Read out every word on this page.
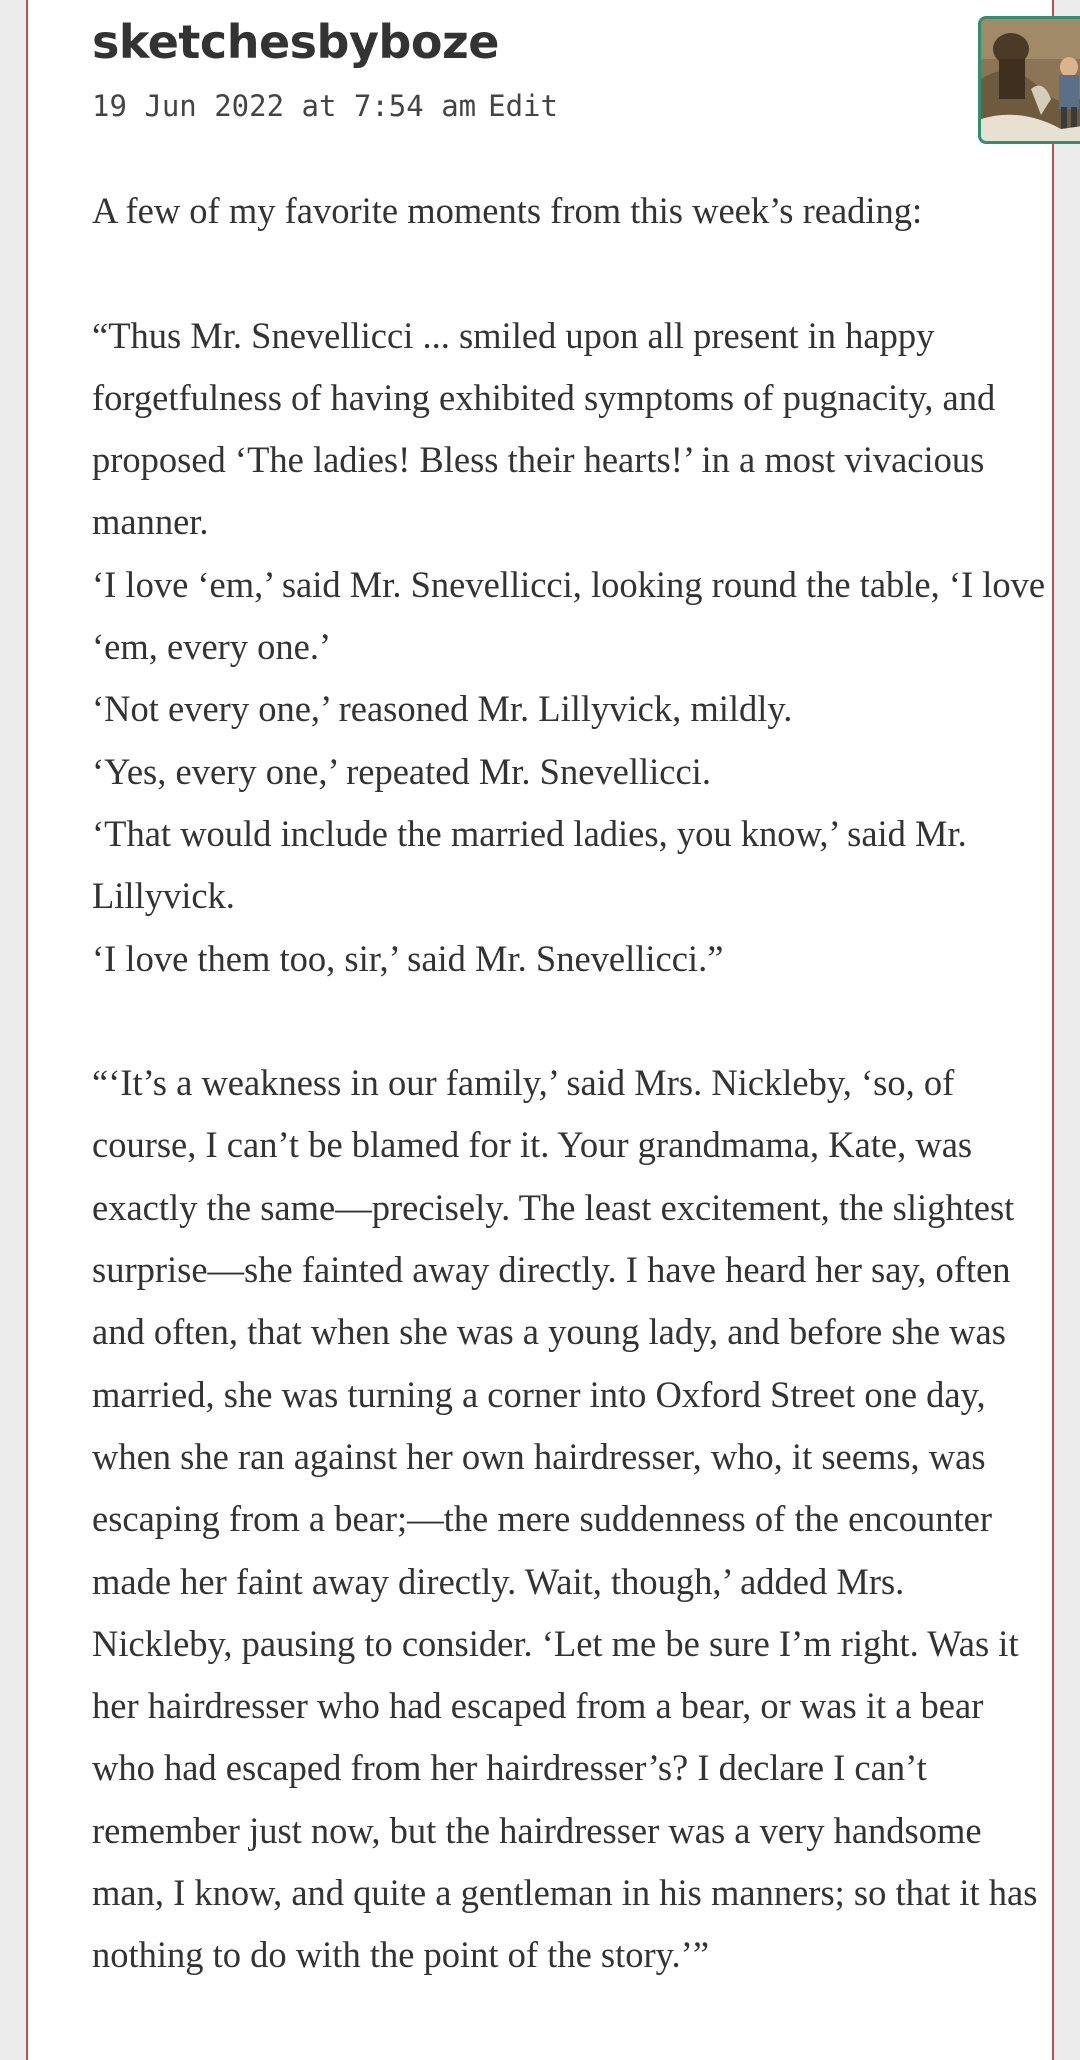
sketchesbyboze
19 Jun 2022 at 7:54 am Edit

A few of my favorite moments from this week’s reading:

“Thus Mr. Snevellicci ... smiled upon all present in happy forgetfulness of having exhibited symptoms of pugnacity, and proposed ‘The ladies! Bless their hearts!’ in a most vivacious manner.

‘I love ‘em,’ said Mr. Snevellicci, looking round the table, ‘I love ‘em, every one.’

‘Not every one,’ reasoned Mr. Lillyvick, mildly.

‘Yes, every one,’ repeated Mr. Snevellicci.

‘That would include the married ladies, you know,’ said Mr. Lillyvick.

‘I love them too, sir,’ said Mr. Snevellicci.”

“‘It’s a weakness in our family,’ said Mrs. Nickleby, ‘so, of course, I can’t be blamed for it. Your grandmama, Kate, was exactly the same—precisely. The least excitement, the slightest surprise—she fainted away directly. I have heard her say, often and often, that when she was a young lady, and before she was married, she was turning a corner into Oxford Street one day, when she ran against her own hairdresser, who, it seems, was escaping from a bear;—the mere suddenness of the encounter made her faint away directly. Wait, though,’ added Mrs. Nickleby, pausing to consider. ‘Let me be sure I’m right. Was it her hairdresser who had escaped from a bear, or was it a bear who had escaped from her hairdresser’s? I declare I can’t remember just now, but the hairdresser was a very handsome man, I know, and quite a gentleman in his manners; so that it has nothing to do with the point of the story.’”
